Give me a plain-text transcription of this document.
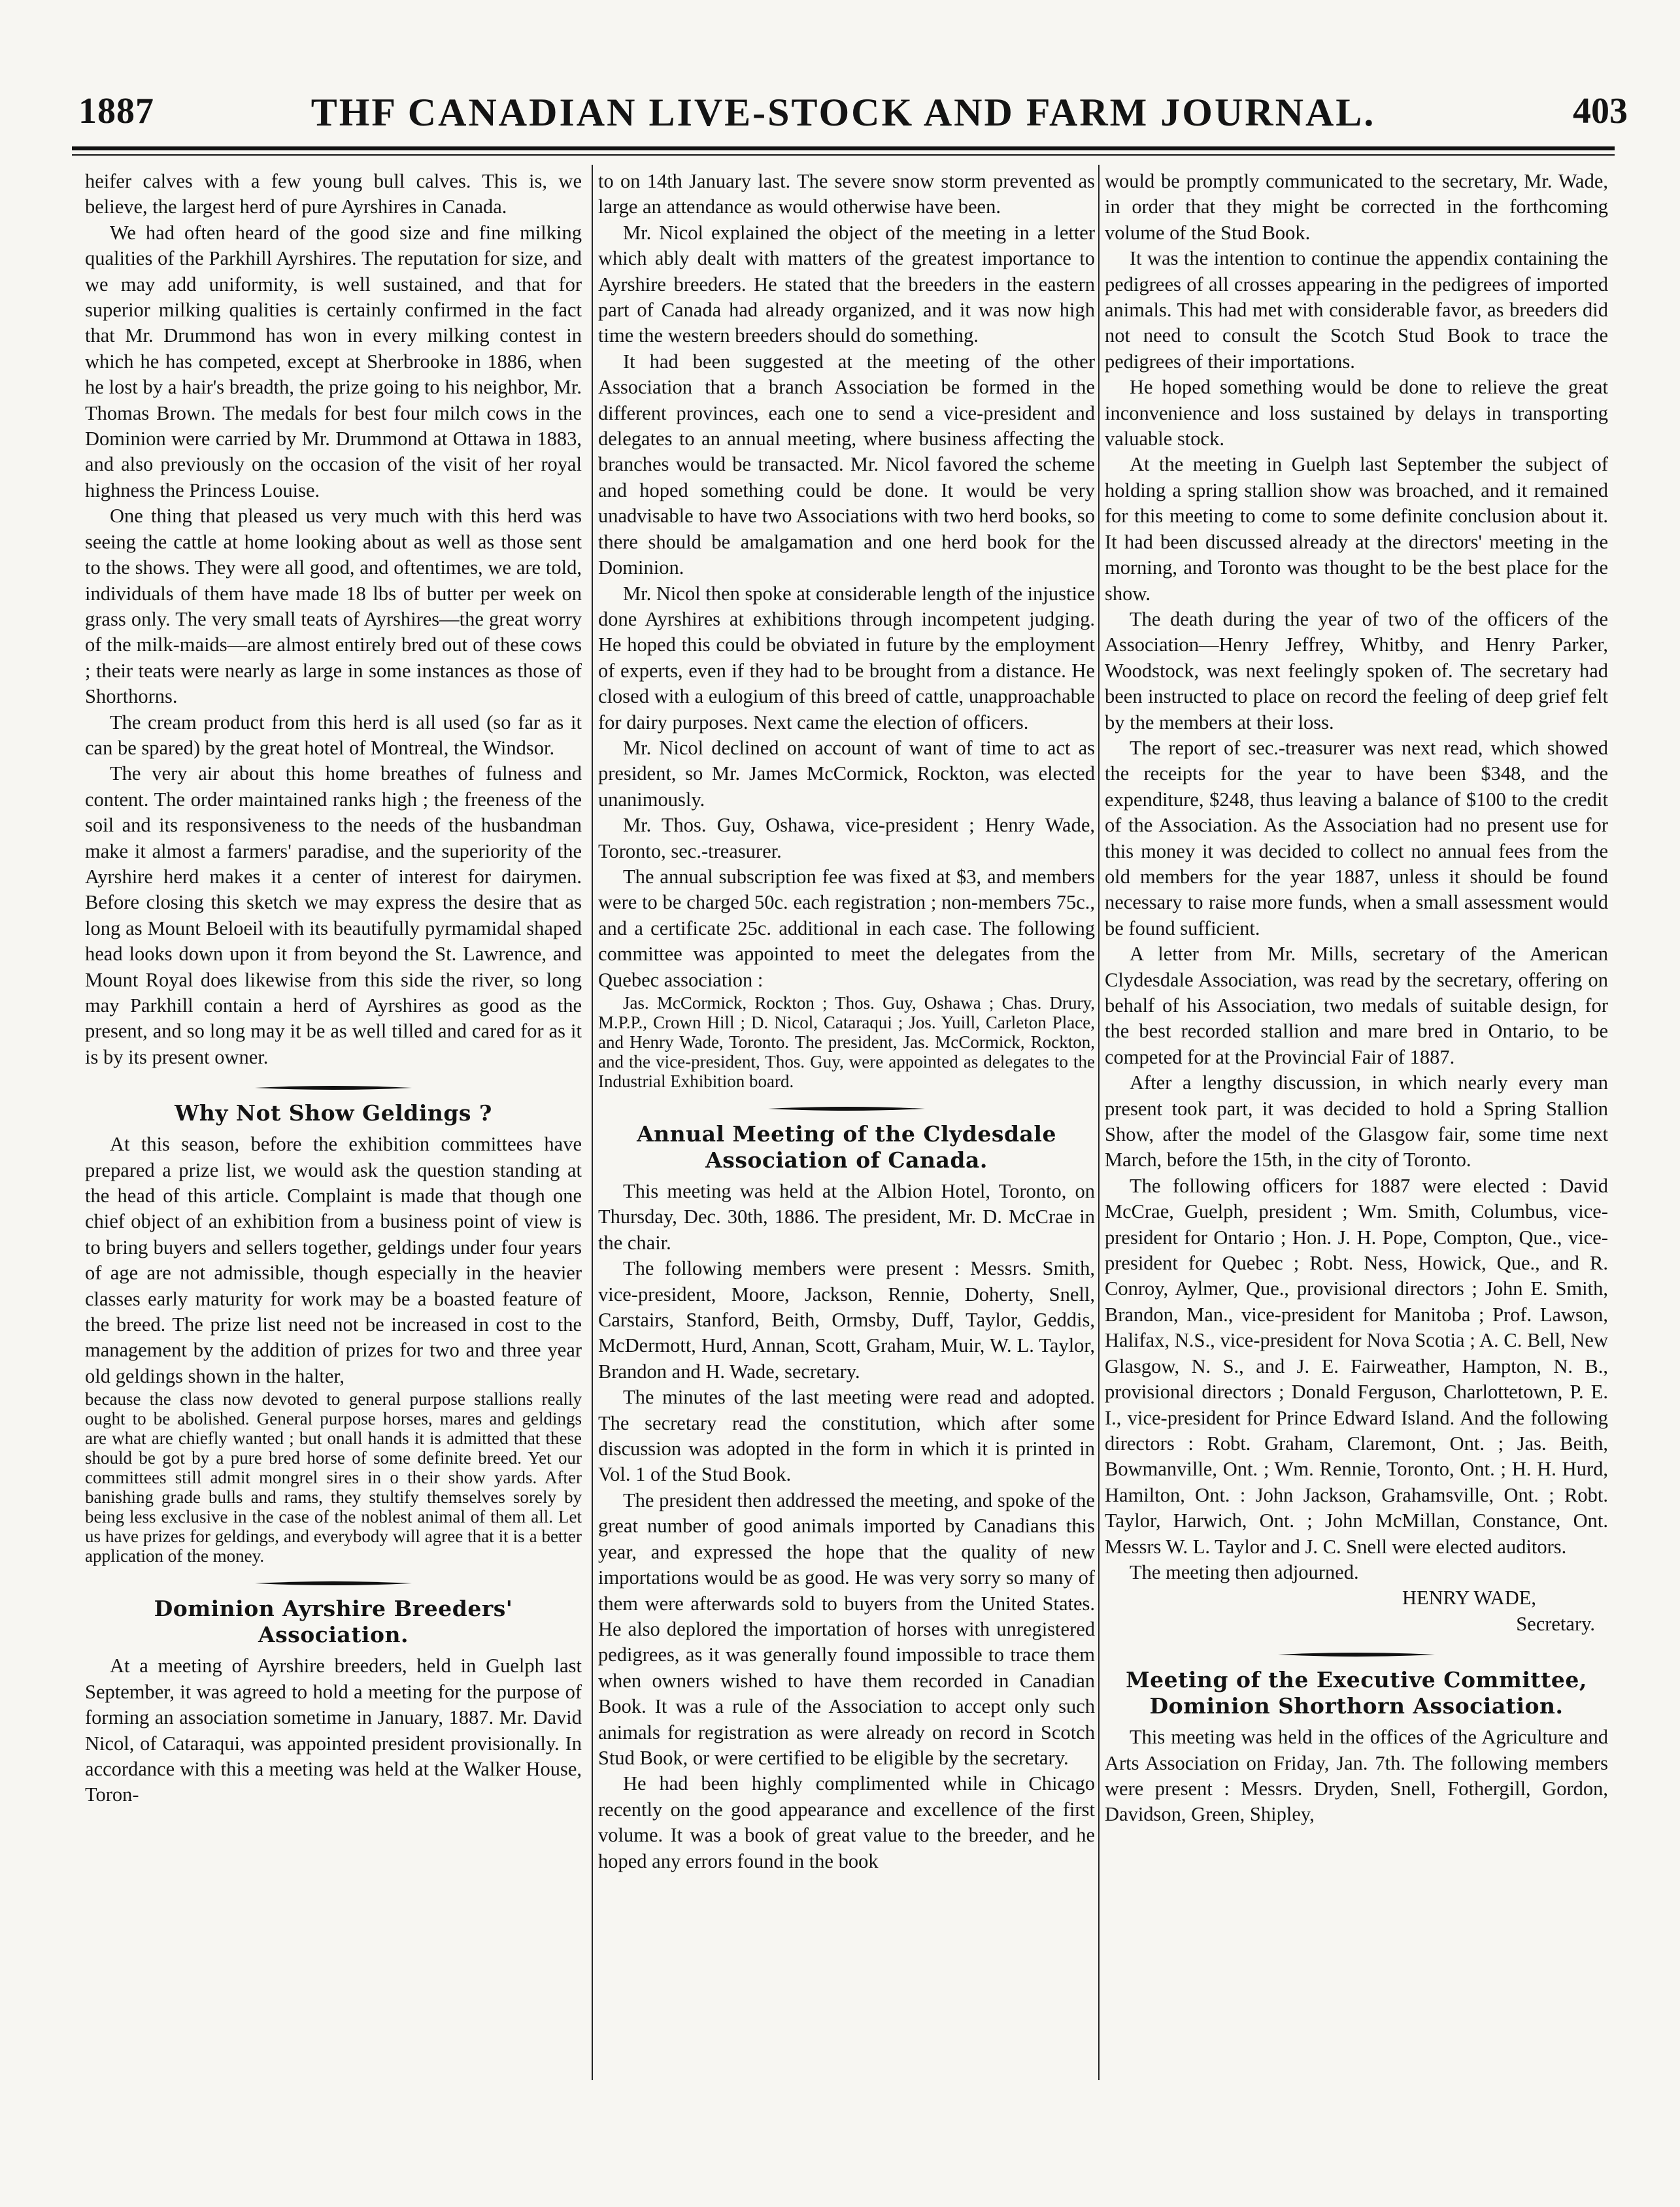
1887	THF CANADIAN LIVE-STOCK AND FARM JOURNAL.	403

heifer calves with a few young bull calves. This is, we believe, the largest herd of pure Ayrshires in Canada.

We had often heard of the good size and fine milking qualities of the Parkhill Ayrshires. The reputation for size, and we may add uniformity, is well sustained, and that for superior milking qualities is certainly confirmed in the fact that Mr. Drummond has won in every milking contest in which he has competed, except at Sherbrooke in 1886, when he lost by a hair's breadth, the prize going to his neighbor, Mr. Thomas Brown. The medals for best four milch cows in the Dominion were carried by Mr. Drummond at Ottawa in 1883, and also previously on the occasion of the visit of her royal highness the Princess Louise.

One thing that pleased us very much with this herd was seeing the cattle at home looking about as well as those sent to the shows. They were all good, and oftentimes, we are told, individuals of them have made 18 lbs of butter per week on grass only. The very small teats of Ayrshires—the great worry of the milk-maids—are almost entirely bred out of these cows ; their teats were nearly as large in some instances as those of Shorthorns.

The cream product from this herd is all used (so far as it can be spared) by the great hotel of Montreal, the Windsor.

The very air about this home breathes of fulness and content. The order maintained ranks high ; the freeness of the soil and its responsiveness to the needs of the husbandman make it almost a farmers' paradise, and the superiority of the Ayrshire herd makes it a center of interest for dairymen. Before closing this sketch we may express the desire that as long as Mount Beloeil with its beautifully pyrmamidal shaped head looks down upon it from beyond the St. Lawrence, and Mount Royal does likewise from this side the river, so long may Parkhill contain a herd of Ayrshires as good as the present, and so long may it be as well tilled and cared for as it is by its present owner.

Why Not Show Geldings ?

At this season, before the exhibition committees have prepared a prize list, we would ask the question standing at the head of this article. Complaint is made that though one chief object of an exhibition from a business point of view is to bring buyers and sellers together, geldings under four years of age are not admissible, though especially in the heavier classes early maturity for work may be a boasted feature of the breed. The prize list need not be increased in cost to the management by the addition of prizes for two and three year old geldings shown in the halter,

because the class now devoted to general purpose stallions really ought to be abolished. General purpose horses, mares and geldings are what are chiefly wanted ; but onall hands it is admitted that these should be got by a pure bred horse of some definite breed. Yet our committees still admit mongrel sires in o their show yards. After banishing grade bulls and rams, they stultify themselves sorely by being less exclusive in the case of the noblest animal of them all. Let us have prizes for geldings, and everybody will agree that it is a better application of the money.

Dominion Ayrshire Breeders' Association.

At a meeting of Ayrshire breeders, held in Guelph last September, it was agreed to hold a meeting for the purpose of forming an association sometime in January, 1887. Mr. David Nicol, of Cataraqui, was appointed president provisionally. In accordance with this a meeting was held at the Walker House, Toron-

to on 14th January last. The severe snow storm prevented as large an attendance as would otherwise have been.

Mr. Nicol explained the object of the meeting in a letter which ably dealt with matters of the greatest importance to Ayrshire breeders. He stated that the breeders in the eastern part of Canada had already organized, and it was now high time the western breeders should do something.

It had been suggested at the meeting of the other Association that a branch Association be formed in the different provinces, each one to send a vice-president and delegates to an annual meeting, where business affecting the branches would be transacted. Mr. Nicol favored the scheme and hoped something could be done. It would be very unadvisable to have two Associations with two herd books, so there should be amalgamation and one herd book for the Dominion.

Mr. Nicol then spoke at considerable length of the injustice done Ayrshires at exhibitions through incompetent judging. He hoped this could be obviated in future by the employment of experts, even if they had to be brought from a distance. He closed with a eulogium of this breed of cattle, unapproachable for dairy purposes. Next came the election of officers.

Mr. Nicol declined on account of want of time to act as president, so Mr. James McCormick, Rockton, was elected unanimously.

Mr. Thos. Guy, Oshawa, vice-president ; Henry Wade, Toronto, sec.-treasurer.

The annual subscription fee was fixed at $3, and members were to be charged 50c. each registration ; non-members 75c., and a certificate 25c. additional in each case. The following committee was appointed to meet the delegates from the Quebec association :

Jas. McCormick, Rockton ; Thos. Guy, Oshawa ; Chas. Drury, M.P.P., Crown Hill ; D. Nicol, Cataraqui ; Jos. Yuill, Carleton Place, and Henry Wade, Toronto. The president, Jas. McCormick, Rockton, and the vice-president, Thos. Guy, were appointed as delegates to the Industrial Exhibition board.

Annual Meeting of the Clydesdale Association of Canada.

This meeting was held at the Albion Hotel, Toronto, on Thursday, Dec. 30th, 1886. The president, Mr. D. McCrae in the chair.

The following members were present : Messrs. Smith, vice-president, Moore, Jackson, Rennie, Doherty, Snell, Carstairs, Stanford, Beith, Ormsby, Duff, Taylor, Geddis, McDermott, Hurd, Annan, Scott, Graham, Muir, W. L. Taylor, Brandon and H. Wade, secretary.

The minutes of the last meeting were read and adopted. The secretary read the constitution, which after some discussion was adopted in the form in which it is printed in Vol. 1 of the Stud Book.

The president then addressed the meeting, and spoke of the great number of good animals imported by Canadians this year, and expressed the hope that the quality of new importations would be as good. He was very sorry so many of them were afterwards sold to buyers from the United States. He also deplored the importation of horses with unregistered pedigrees, as it was generally found impossible to trace them when owners wished to have them recorded in Canadian Book. It was a rule of the Association to accept only such animals for registration as were already on record in Scotch Stud Book, or were certified to be eligible by the secretary.

He had been highly complimented while in Chicago recently on the good appearance and excellence of the first volume. It was a book of great value to the breeder, and he hoped any errors found in the book

would be promptly communicated to the secretary, Mr. Wade, in order that they might be corrected in the forthcoming volume of the Stud Book.

It was the intention to continue the appendix containing the pedigrees of all crosses appearing in the pedigrees of imported animals. This had met with considerable favor, as breeders did not need to consult the Scotch Stud Book to trace the pedigrees of their importations.

He hoped something would be done to relieve the great inconvenience and loss sustained by delays in transporting valuable stock.

At the meeting in Guelph last September the subject of holding a spring stallion show was broached, and it remained for this meeting to come to some definite conclusion about it. It had been discussed already at the directors' meeting in the morning, and Toronto was thought to be the best place for the show.

The death during the year of two of the officers of the Association—Henry Jeffrey, Whitby, and Henry Parker, Woodstock, was next feelingly spoken of. The secretary had been instructed to place on record the feeling of deep grief felt by the members at their loss.

The report of sec.-treasurer was next read, which showed the receipts for the year to have been $348, and the expenditure, $248, thus leaving a balance of $100 to the credit of the Association. As the Association had no present use for this money it was decided to collect no annual fees from the old members for the year 1887, unless it should be found necessary to raise more funds, when a small assessment would be found sufficient.

A letter from Mr. Mills, secretary of the American Clydesdale Association, was read by the secretary, offering on behalf of his Association, two medals of suitable design, for the best recorded stallion and mare bred in Ontario, to be competed for at the Provincial Fair of 1887.

After a lengthy discussion, in which nearly every man present took part, it was decided to hold a Spring Stallion Show, after the model of the Glasgow fair, some time next March, before the 15th, in the city of Toronto.

The following officers for 1887 were elected : David McCrae, Guelph, president ; Wm. Smith, Columbus, vice-president for Ontario ; Hon. J. H. Pope, Compton, Que., vice-president for Quebec ; Robt. Ness, Howick, Que., and R. Conroy, Aylmer, Que., provisional directors ; John E. Smith, Brandon, Man., vice-president for Manitoba ; Prof. Lawson, Halifax, N.S., vice-president for Nova Scotia ; A. C. Bell, New Glasgow, N. S., and J. E. Fairweather, Hampton, N. B., provisional directors ; Donald Ferguson, Charlottetown, P. E. I., vice-president for Prince Edward Island. And the following directors : Robt. Graham, Claremont, Ont. ; Jas. Beith, Bowmanville, Ont. ; Wm. Rennie, Toronto, Ont. ; H. H. Hurd, Hamilton, Ont. : John Jackson, Grahamsville, Ont. ; Robt. Taylor, Harwich, Ont. ; John McMillan, Constance, Ont. Messrs W. L. Taylor and J. C. Snell were elected auditors.

The meeting then adjourned.

HENRY WADE,

Secretary.

Meeting of the Executive Committee, Dominion Shorthorn Association.

This meeting was held in the offices of the Agriculture and Arts Association on Friday, Jan. 7th. The following members were present : Messrs. Dryden, Snell, Fothergill, Gordon, Davidson, Green, Shipley,
